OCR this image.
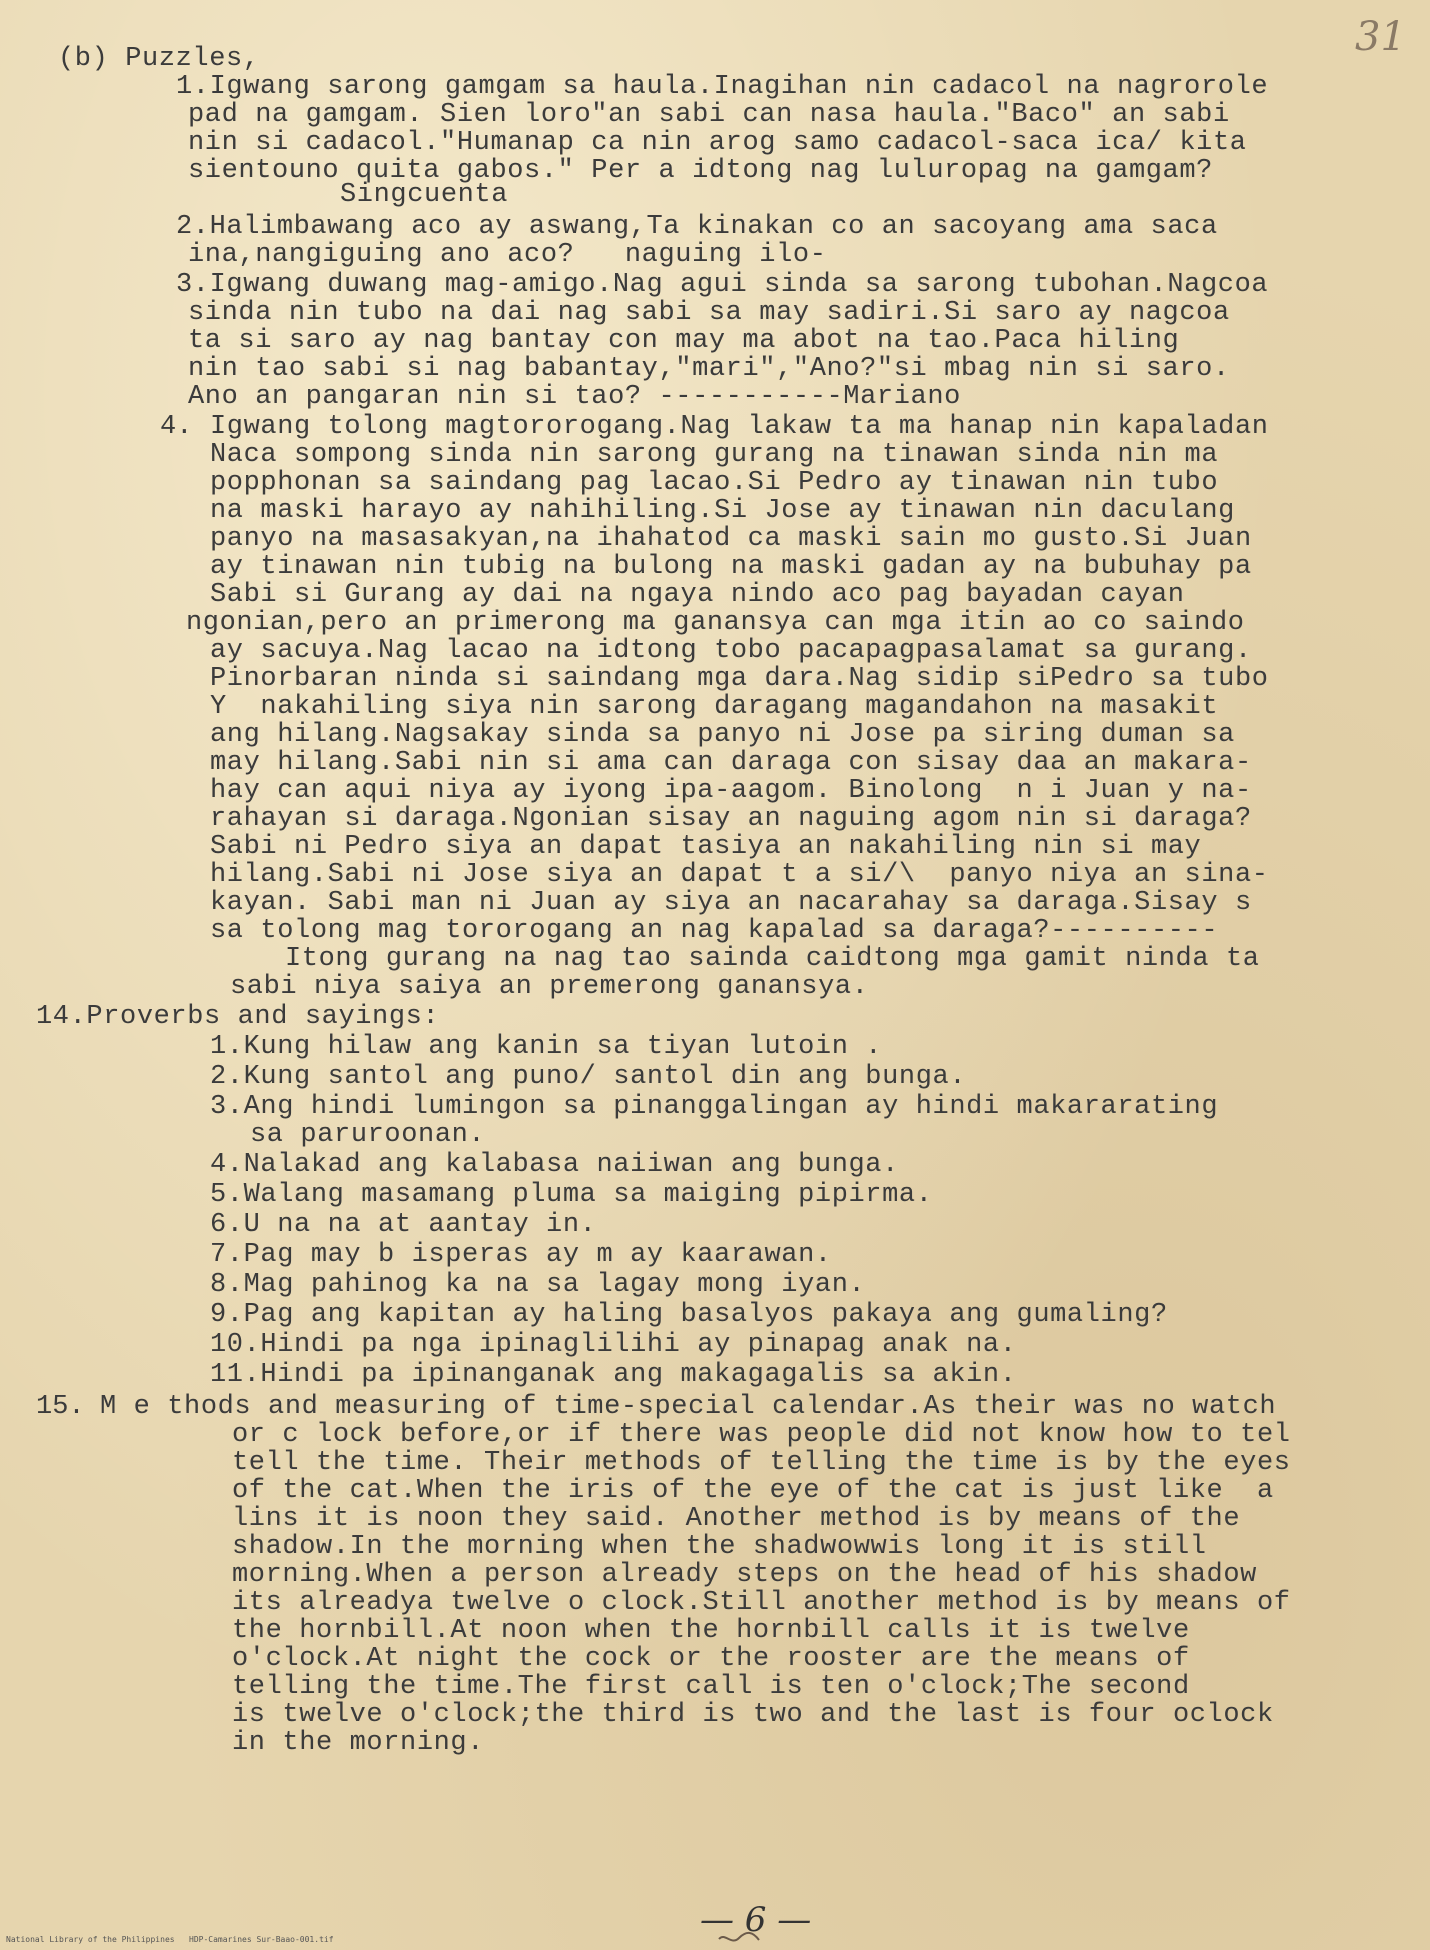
31
(b) Puzzles,
1.Igwang sarong gamgam sa haula.Inagihan nin cadacol na nagrorole
pad na gamgam. Sien loro"an sabi can nasa haula."Baco" an sabi
nin si cadacol."Humanap ca nin arog samo cadacol-saca ica/ kita
sientouno quita gabos." Per a idtong nag luluropag na gamgam?
Singcuenta
2.Halimbawang aco ay aswang,Ta kinakan co an sacoyang ama saca
ina,nangiguing ano aco?   naguing ilo-
3.Igwang duwang mag-amigo.Nag agui sinda sa sarong tubohan.Nagcoa
sinda nin tubo na dai nag sabi sa may sadiri.Si saro ay nagcoa
ta si saro ay nag bantay con may ma abot na tao.Paca hiling
nin tao sabi si nag babantay,"mari","Ano?"si mbag nin si saro.
Ano an pangaran nin si tao? -----------Mariano
4. Igwang tolong magtororogang.Nag lakaw ta ma hanap nin kapaladan
Naca sompong sinda nin sarong gurang na tinawan sinda nin ma
popphonan sa saindang pag lacao.Si Pedro ay tinawan nin tubo
na maski harayo ay nahihiling.Si Jose ay tinawan nin daculang
panyo na masasakyan,na ihahatod ca maski sain mo gusto.Si Juan
ay tinawan nin tubig na bulong na maski gadan ay na bubuhay pa
Sabi si Gurang ay dai na ngaya nindo aco pag bayadan cayan
ngonian,pero an primerong ma ganansya can mga itin ao co saindo
ay sacuya.Nag lacao na idtong tobo pacapagpasalamat sa gurang.
Pinorbaran ninda si saindang mga dara.Nag sidip siPedro sa tubo
Y  nakahiling siya nin sarong daragang magandahon na masakit
ang hilang.Nagsakay sinda sa panyo ni Jose pa siring duman sa
may hilang.Sabi nin si ama can daraga con sisay daa an makara-
hay can aqui niya ay iyong ipa-aagom. Binolong  n i Juan y na-
rahayan si daraga.Ngonian sisay an naguing agom nin si daraga?
Sabi ni Pedro siya an dapat tasiya an nakahiling nin si may
hilang.Sabi ni Jose siya an dapat t a si/\  panyo niya an sina-
kayan. Sabi man ni Juan ay siya an nacarahay sa daraga.Sisay s
sa tolong mag tororogang an nag kapalad sa daraga?----------
Itong gurang na nag tao sainda caidtong mga gamit ninda ta
sabi niya saiya an premerong ganansya.
14.Proverbs and sayings:
1.Kung hilaw ang kanin sa tiyan lutoin .
2.Kung santol ang puno/ santol din ang bunga.
3.Ang hindi lumingon sa pinanggalingan ay hindi makararating
sa paruroonan.
4.Nalakad ang kalabasa naiiwan ang bunga.
5.Walang masamang pluma sa maiging pipirma.
6.U na na at aantay in.
7.Pag may b isperas ay m ay kaarawan.
8.Mag pahinog ka na sa lagay mong iyan.
9.Pag ang kapitan ay haling basalyos pakaya ang gumaling?
10.Hindi pa nga ipinaglilihi ay pinapag anak na.
11.Hindi pa ipinanganak ang makagagalis sa akin.
15. M e thods and measuring of time-special calendar.As their was no watch
or c lock before,or if there was people did not know how to tel
tell the time. Their methods of telling the time is by the eyes
of the cat.When the iris of the eye of the cat is just like  a
lins it is noon they said. Another method is by means of the
shadow.In the morning when the shadwowwis long it is still
morning.When a person already steps on the head of his shadow
its alreadya twelve o clock.Still another method is by means of
the hornbill.At noon when the hornbill calls it is twelve
o'clock.At night the cock or the rooster are the means of
telling the time.The first call is ten o'clock;The second
is twelve o'clock;the third is two and the last is four oclock
in the morning.
— 6 —
National Library of the Philippines   HDP-Camarines Sur-Baao-001.tif
